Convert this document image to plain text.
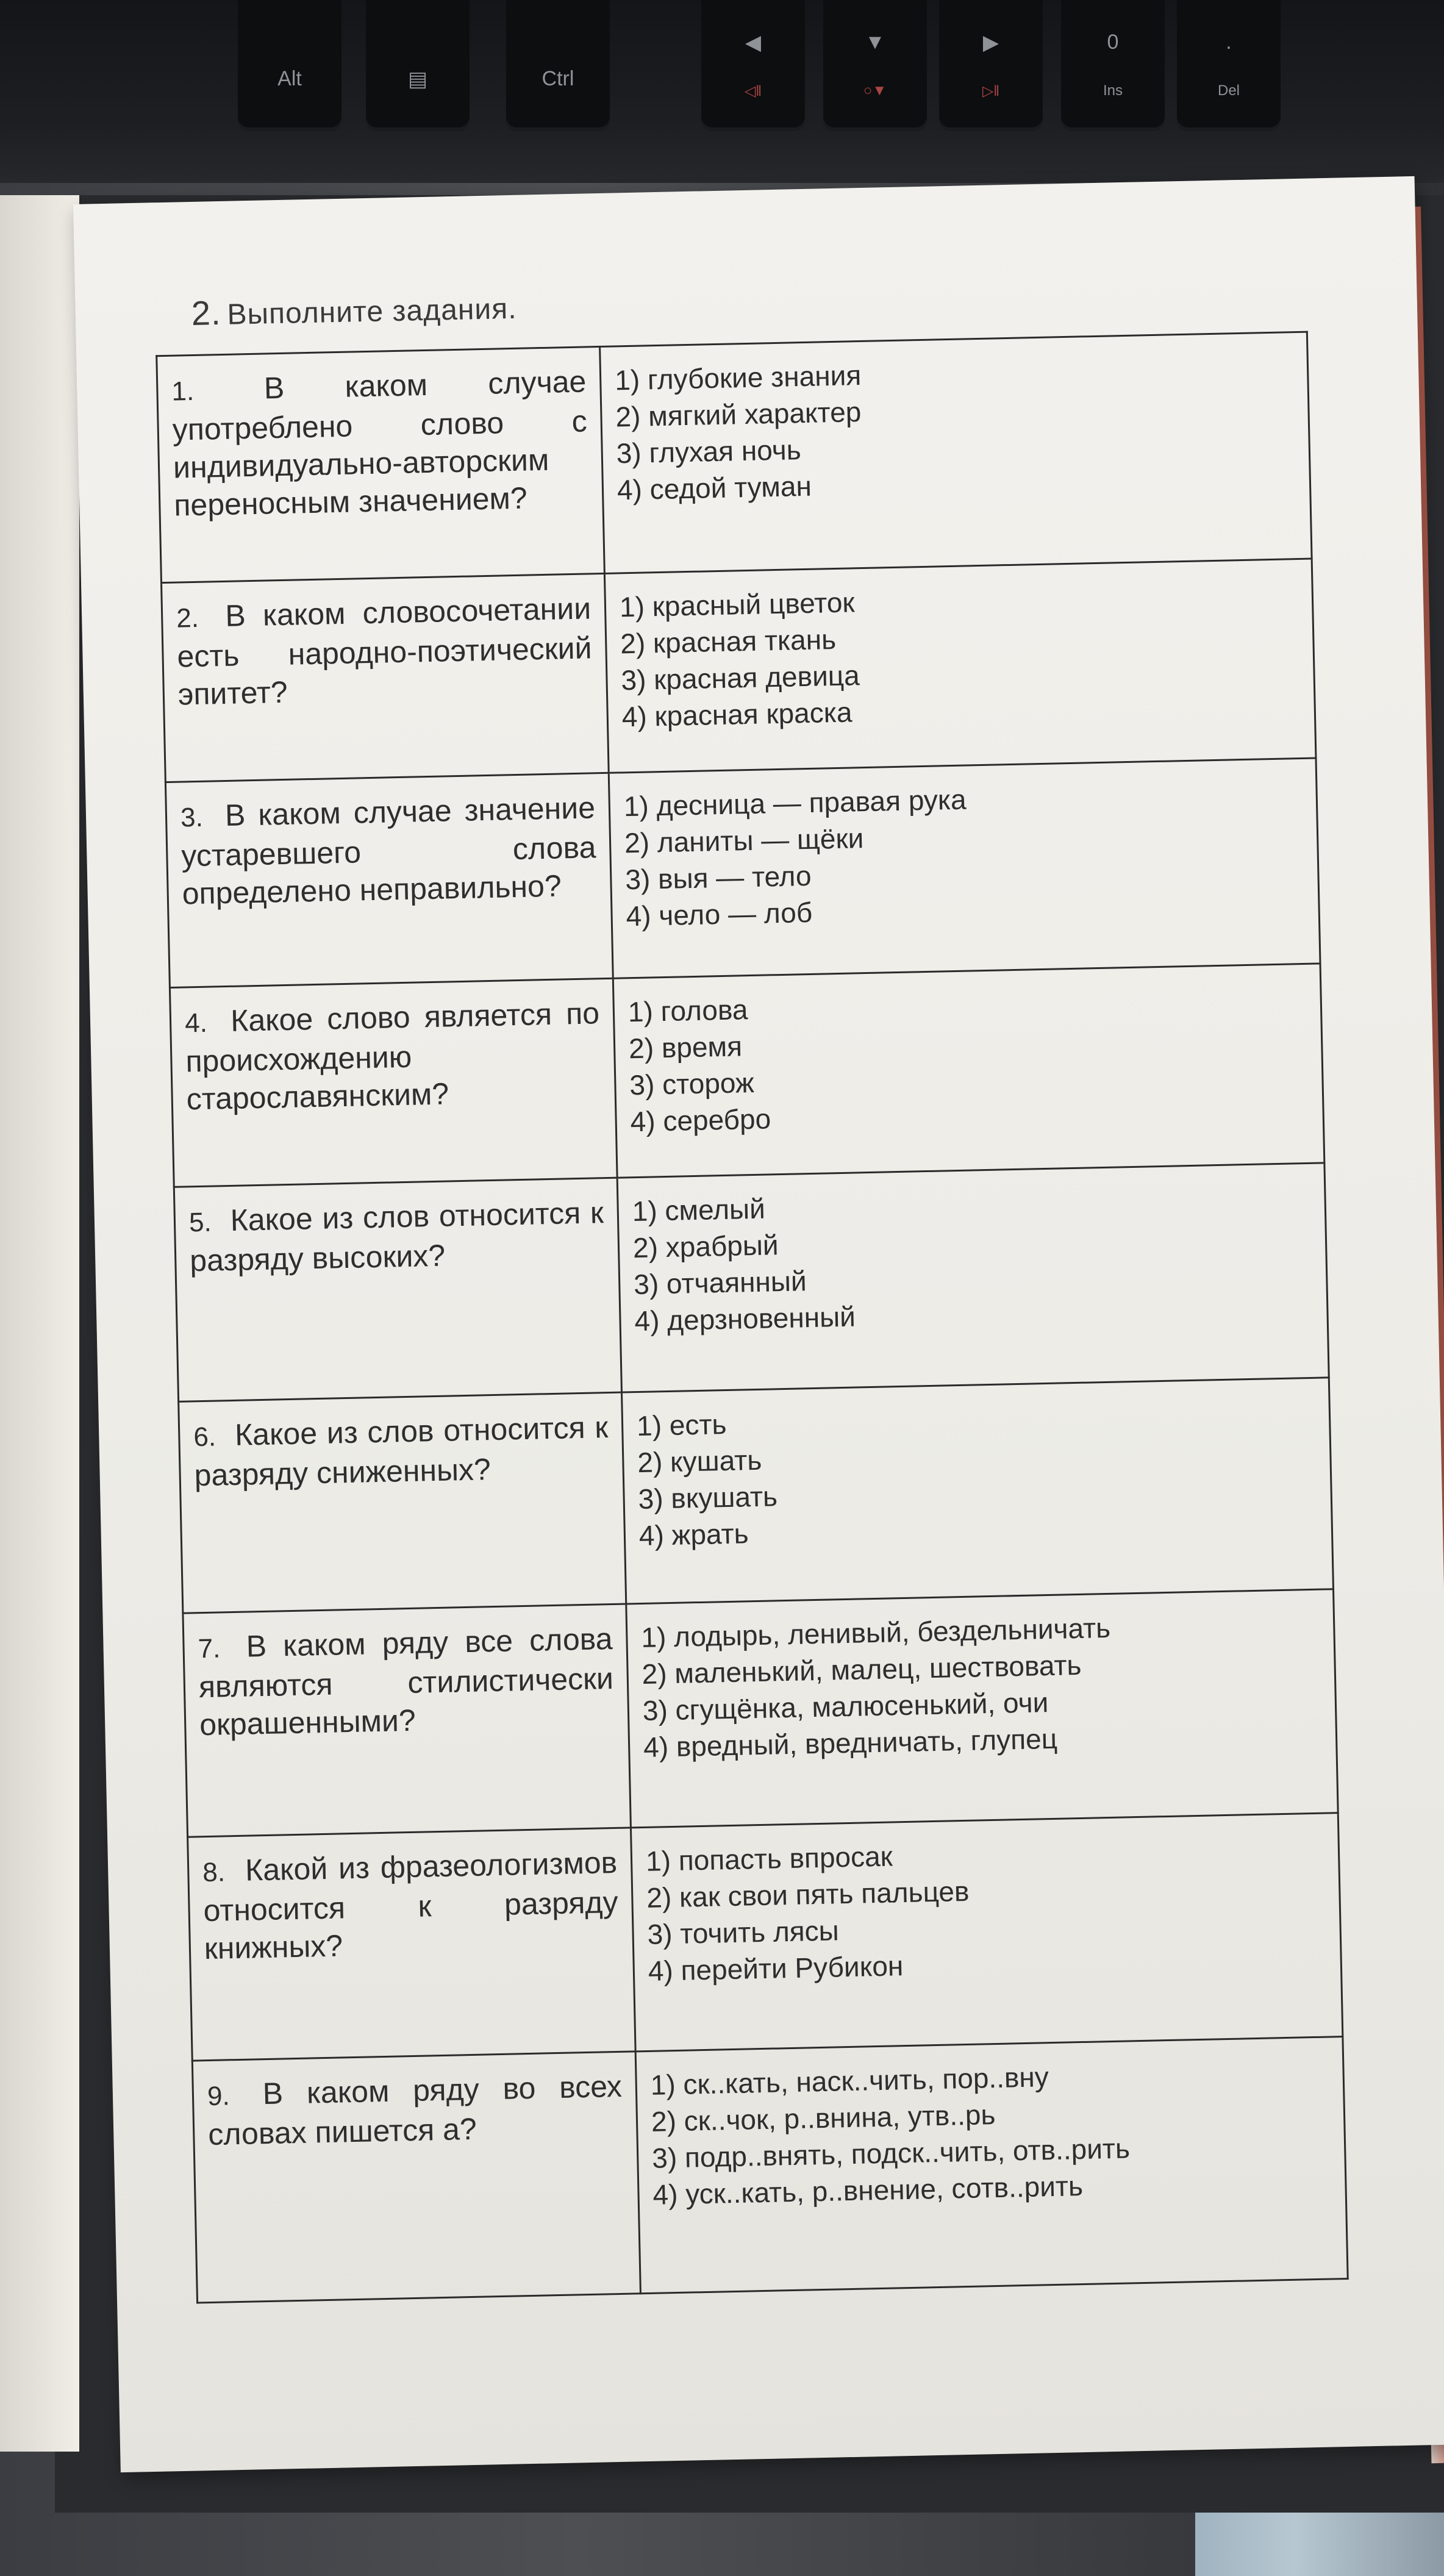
Alt	▤	Ctrl
◀
◁‖
▼
○▼
▶
▷‖
0
Ins
.
Del
2. Выполните задания.
1. В каком случае употреблено слово с индивидуально-авторским переносным значением?	1) глубокие знания
2) мягкий характер
3) глухая ночь
4) седой туман

2. В каком словосочетании есть народно-поэтический эпитет?	1) красный цветок
2) красная ткань
3) красная девица
4) красная краска

3. В каком случае значение устаревшего слова определено неправильно?	1) десница — правая рука
2) ланиты — щёки
3) выя — тело
4) чело — лоб

4. Какое слово является по происхождению старославянским?	1) голова
2) время
3) сторож
4) серебро

5. Какое из слов относится к разряду высоких?	1) смелый
2) храбрый
3) отчаянный
4) дерзновенный

6. Какое из слов относится к разряду сниженных?	1) есть
2) кушать
3) вкушать
4) жрать

7. В каком ряду все слова являются стилистически окрашенными?	1) лодырь, ленивый, бездельничать
2) маленький, малец, шествовать
3) сгущёнка, малюсенький, очи
4) вредный, вредничать, глупец

8. Какой из фразеологизмов относится к разряду книжных?	1) попасть впросак
2) как свои пять пальцев
3) точить лясы
4) перейти Рубикон

9. В каком ряду во всех словах пишется а?	1) ск..кать, наск..чить, пор..вну
2) ск..чок, р..внина, утв..рь
3) подр..внять, подск..чить, отв..рить
4) уск..кать, р..внение, сотв..рить
